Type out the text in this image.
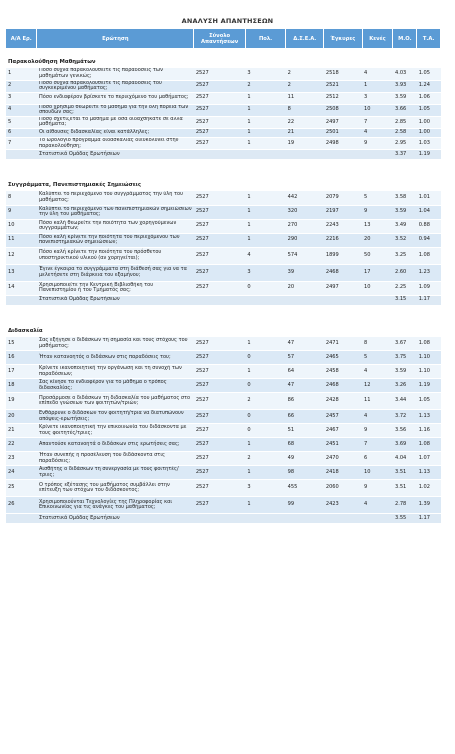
ΑΝΑΛΥΣΗ ΑΠΑΝΤΗΣΕΩΝ
Α/Α Ερ.	Ερώτηση	Σύνολο Απαντήσεων	Πολ.	Δ.Σ.Ε.Α.	Έγκυρες	Κενές	Μ.Ο.	Τ.Α.

Παρακολούθηση Μαθημάτων								
1	Πόσο συχνά παρακολουθείτε τις παραδόσεις των μαθημάτων γενικώς;	2527	3	2	2518	4	4.03	1.05
2	Πόσο συχνά παρακολουθείτε τις παραδόσεις του συγκεκριμένου μαθήματος;	2527	2	2	2521	1	3.93	1.24
3	Πόσο ενδιαφέρον βρίσκετε το περιεχόμενο του μαθήματος;	2527	1	11	2512	3	3.59	1.06
4	Πόσο χρήσιμο θεωρείτε το μάθημα για την όλη πορεία των σπουδών σας;	2527	1	8	2508	10	3.66	1.05
5	Πόσο σχετίζεται το μάθημα με όσα διδαχθήκατε σε άλλα μαθήματα;	2527	1	22	2497	7	2.85	1.00
6	Οι αίθουσες διδασκαλίας είναι κατάλληλες;	2527	1	21	2501	4	2.58	1.00
7	Το ωρολόγιο πρόγραμμα διδασκαλίας διευκολύνει στην παρακολούθηση;	2527	1	19	2498	9	2.95	1.03
	Στατιστικά Ομάδας Ερωτήσεων						3.37	1.19

Συγγράμματα, Πανεπιστημιακές Σημειώσεις								
8	Καλύπτει το περιεχόμενο του συγγράμματος την ύλη του μαθήματος;	2527	1	442	2079	5	3.58	1.01
9	Καλύπτει το περιεχόμενο των πανεπιστημιακών σημειώσεων την ύλη του μαθήματος;	2527	1	320	2197	9	3.59	1.04
10	Πόσο καλή θεωρείτε την ποιότητα των χορηγούμενων συγγραμμάτων;	2527	1	270	2243	13	3.49	0.88
11	Πόσο καλή κρίνετε την ποιότητα του περιεχόμενου των πανεπιστημιακών σημειώσεων;	2527	1	290	2216	20	3.52	0.94
12	Πόσο καλή κρίνετε την ποιότητα του πρόσθετου υποστηρικτικού υλικού (αν χορηγείται);	2527	4	574	1899	50	3.25	1.08
13	Έγινε έγκαιρα το συγγράμματα στη διάθεσή σας για να τα μελετήσετε στη διάρκεια του εξαμήνου;	2527	3	39	2468	17	2.60	1.23
14	Χρησιμοποιείτε την Κεντρική Βιβλιοθήκη του Πανεπιστημίου ή του Τμήματός σας;	2527	0	20	2497	10	2.25	1.09
	Στατιστικά Ομάδας Ερωτήσεων						3.15	1.17

Διδασκαλία								
15	Σας εξήγησε ο διδάσκων τη σημασία και τους στόχους του μαθήματος;	2527	1	47	2471	8	3.67	1.08
16	Ήταν κατανοητός ο διδάσκων στις παραδόσεις του;	2527	0	57	2465	5	3.75	1.10
17	Κρίνετε ικανοποιητική την οργάνωση και τη συνοχή των παραδόσεων;	2527	1	64	2458	4	3.59	1.10
18	Σας κίνησε το ενδιαφέρον για το μάθημα ο τρόπος διδασκαλίας;	2527	0	47	2468	12	3.26	1.19
19	Προσάρμοσε ο διδάσκων τη διδασκαλία του μαθήματος στο επίπεδο γνώσεων των φοιτητών/τριών;	2527	2	86	2428	11	3.44	1.05
20	Ενθάρρυνε ο διδάσκων τον φοιτητή/τρια να διατυπώνουν απόψεις-ερωτήσεις;	2527	0	66	2457	4	3.72	1.13
21	Κρίνετε ικανοποιητική την επικοινωνία του διδάσκοντα με τους φοιτητές/τριες;	2527	0	51	2467	9	3.56	1.16
22	Απαντούσε κατανοητά ο διδάσκων στις ερωτήσεις σας;	2527	1	68	2451	7	3.69	1.08
23	Ήταν συνεπής η προσέλευση του διδάσκοντα στις παραδόσεις;	2527	2	49	2470	6	4.04	1.07
24	Αισθήτης ο διδάσκων τη συνεργασία με τους φοιτητές/τριες;	2527	1	98	2418	10	3.51	1.13
25	Ο τρόπος εξέτασης του μαθήματος συμβάλλει στην επίτευξη των στόχων του διδάσκοντος;	2527	3	455	2060	9	3.51	1.02
26	Χρησιμοποιούνται Τεχνολογίες της Πληροφορίας και Επικοινωνίας για τις ανάγκες του μαθήματος;	2527	1	99	2423	4	2.78	1.39
	Στατιστικά Ομάδας Ερωτήσεων						3.55	1.17
